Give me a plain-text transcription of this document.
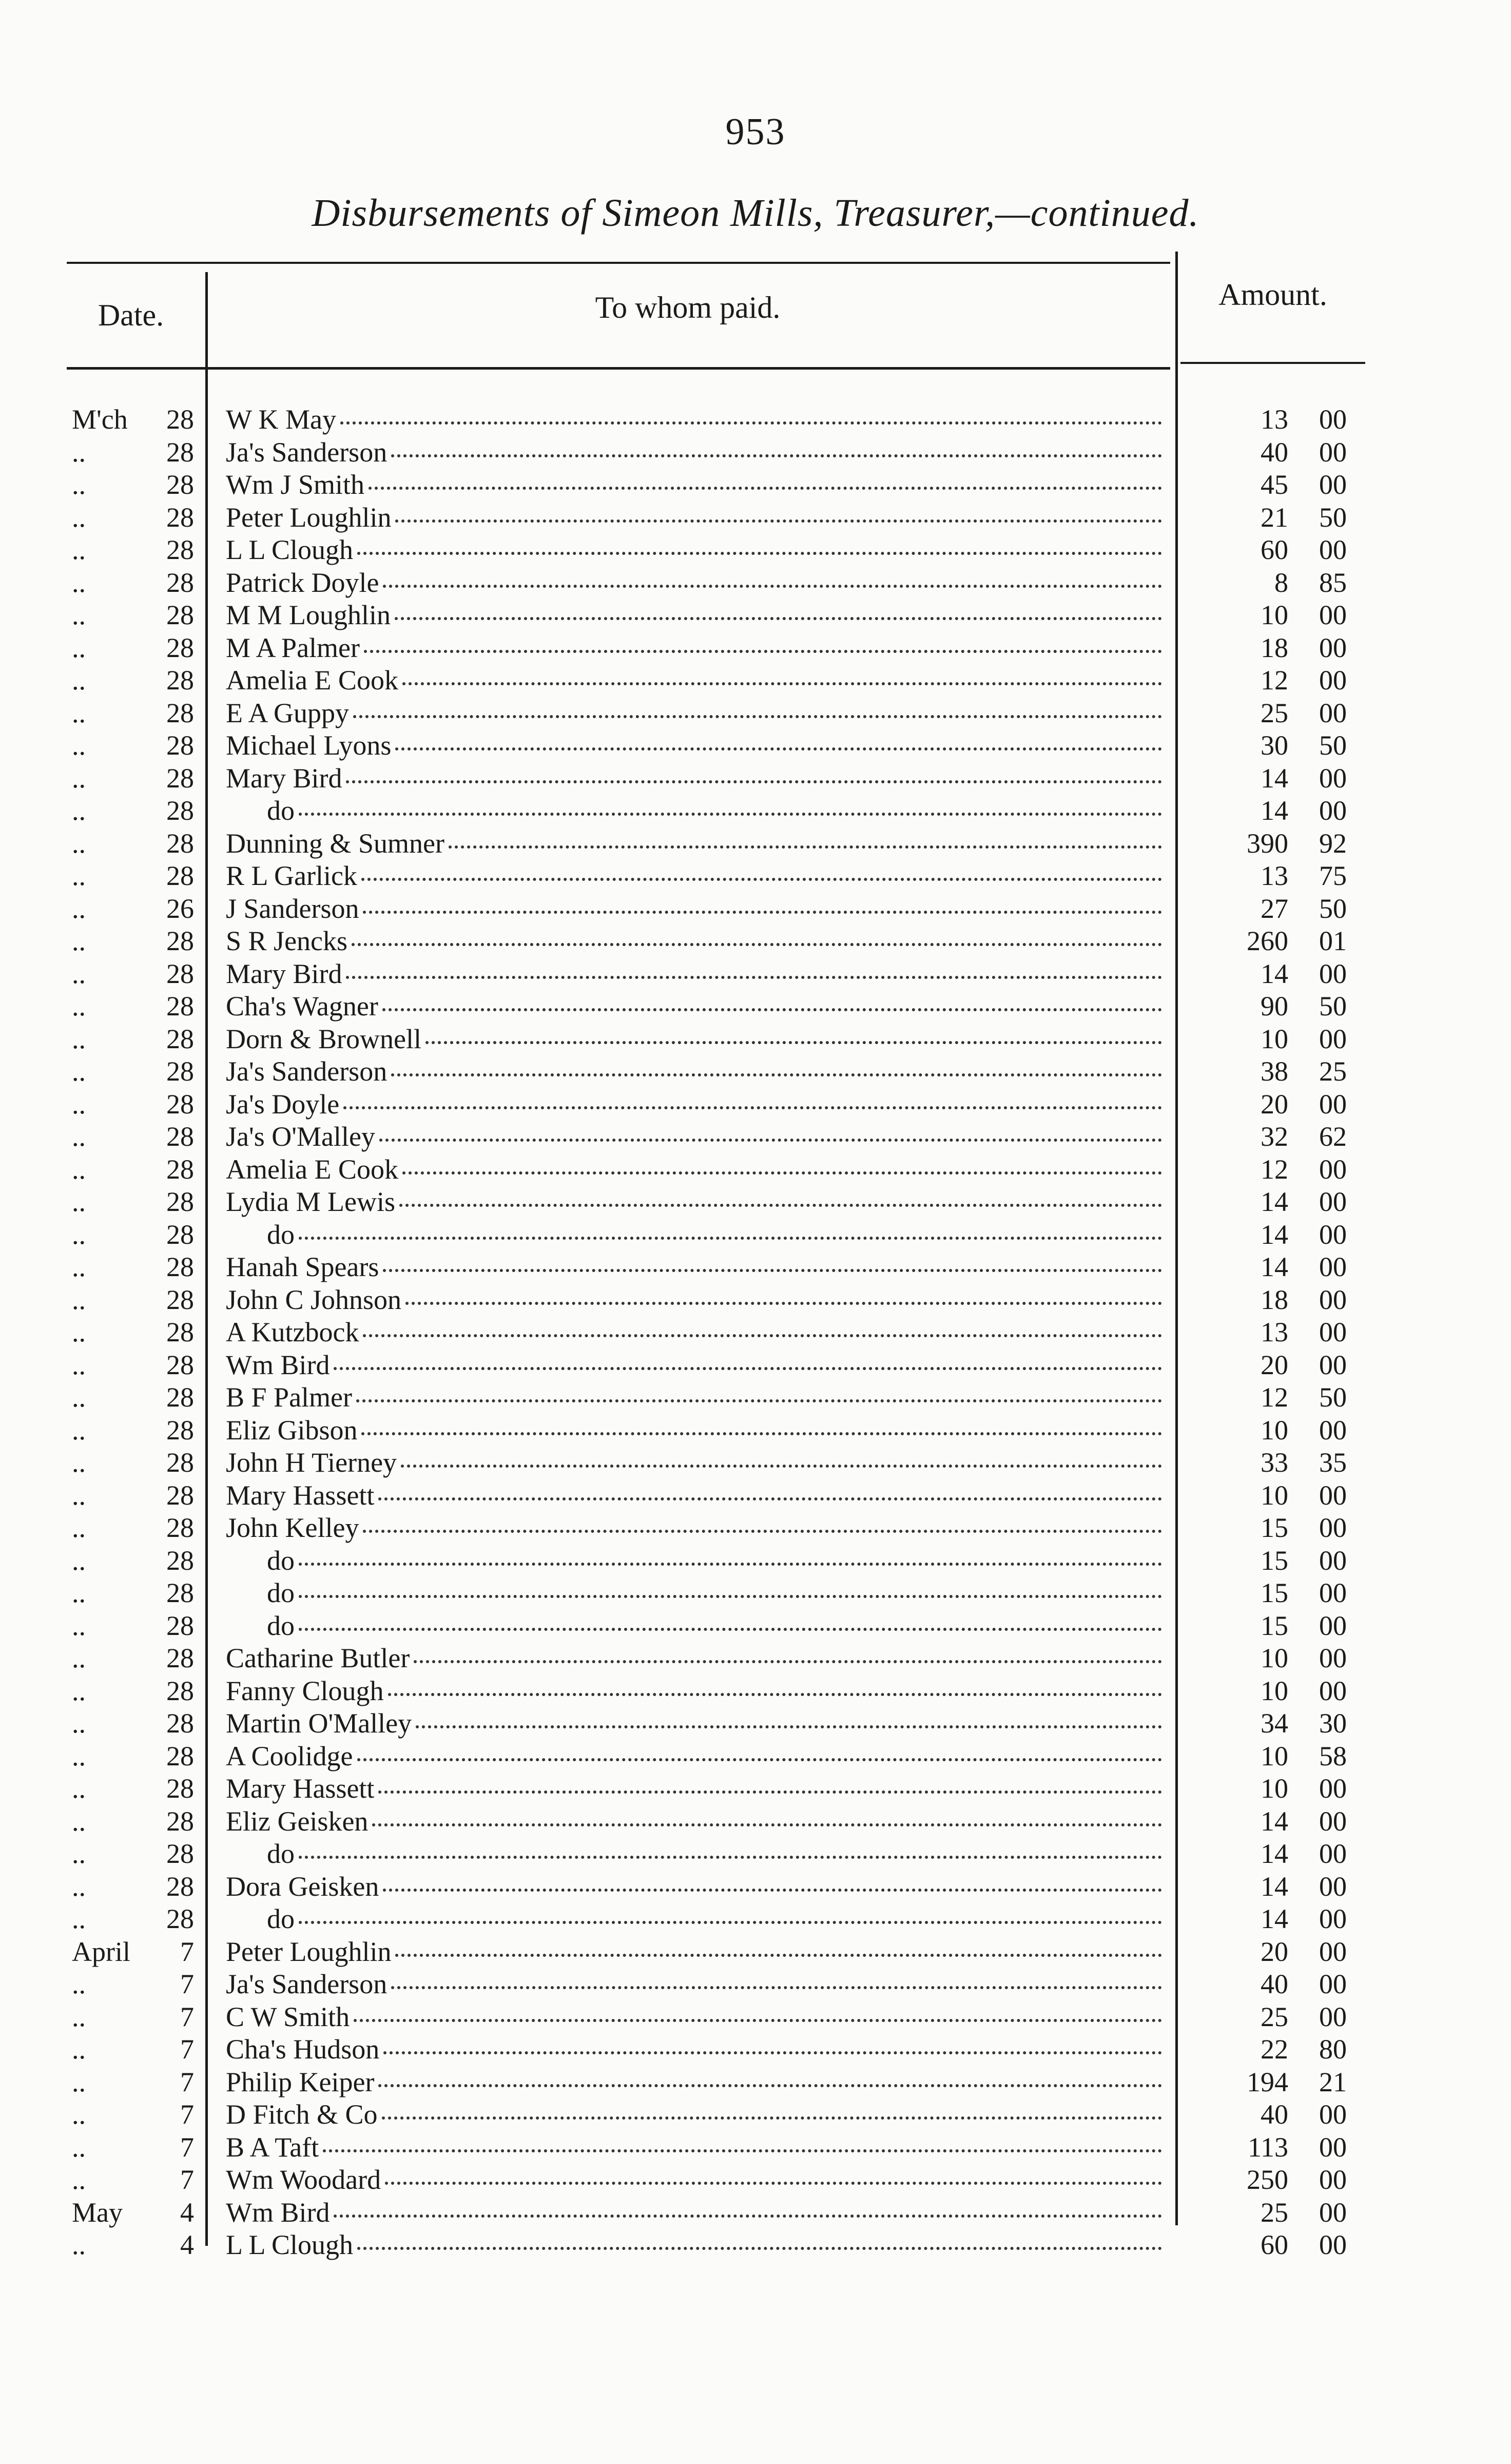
953
Disbursements of Simeon Mills, Treasurer,—continued.
Date.	To whom paid.	Amount.
M'ch 28 W K May	13 00
..	28 Ja's Sanderson	40 00
..	28 Wm J Smith	45 00
..	28 Peter Loughlin	21 50
..	28 L L Clough	60 00
..	28 Patrick Doyle	8 85
..	28 M M Loughlin	10 00
..	28 M A Palmer	18 00
..	28 Amelia E Cook	12 00
..	28 E A Guppy	25 00
..	28 Michael Lyons	30 50
..	28 Mary Bird	14 00
..	28	do	14 00
..	28 Dunning & Sumner	390 92
..	28 R L Garlick	13 75
..	26 J Sanderson	27 50
..	28 S R Jencks	260 01
..	28 Mary Bird	14 00
..	28 Cha's Wagner	90 50
..	28 Dorn & Brownell	10 00
..	28 Ja's Sanderson	38 25
..	28 Ja's Doyle	20 00
..	28 Ja's O'Malley	32 62
..	28 Amelia E Cook	12 00
..	28 Lydia M Lewis	14 00
..	28	do	14 00
..	28 Hanah Spears	14 00
..	28 John C Johnson	18 00
..	28 A Kutzbock	13 00
..	28 Wm Bird	20 00
..	28 B F Palmer	12 50
..	28 Eliz Gibson	10 00
..	28 John H Tierney	33 35
..	28 Mary Hassett	10 00
..	28 John Kelley	15 00
..	28	do	15 00
..	28	do	15 00
..	28	do	15 00
..	28 Catharine Butler	10 00
..	28 Fanny Clough	10 00
..	28 Martin O'Malley	34 30
..	28 A Coolidge	10 58
..	28 Mary Hassett	10 00
..	28 Eliz Geisken	14 00
..	28	do	14 00
..	28 Dora Geisken	14 00
..	28	do	14 00
April 7 Peter Loughlin	20 00
..	7 Ja's Sanderson	40 00
..	7 C W Smith	25 00
..	7 Cha's Hudson	22 80
..	7 Philip Keiper	194 21
..	7 D Fitch & Co	40 00
..	7 B A Taft	113 00
..	7 Wm Woodard	250 00
May 4 Wm Bird	25 00
..	4 L L Clough	60 00
